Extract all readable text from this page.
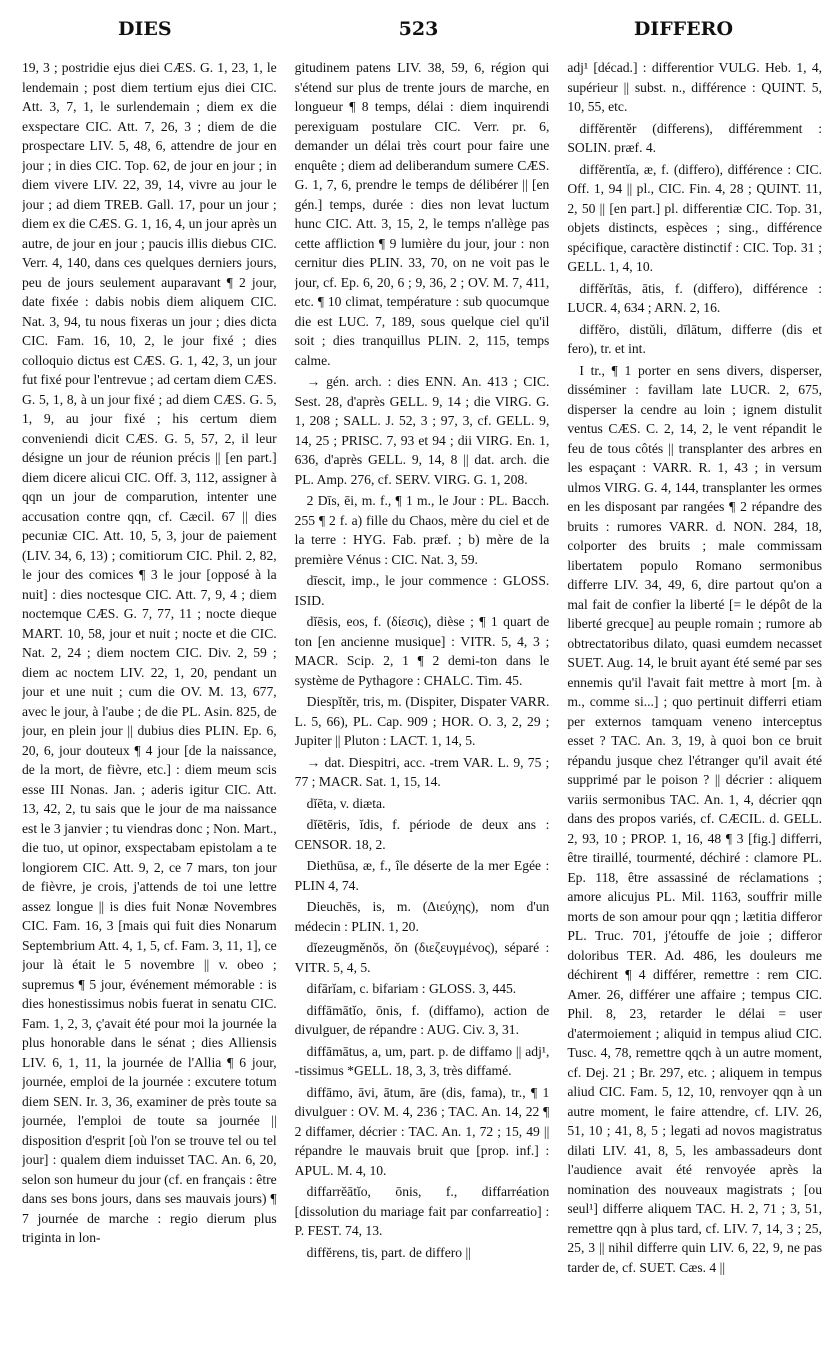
DIES	523	DIFFERO

19, 3 ; postridie ejus diei CÆS. G. 1, 23, 1, le lendemain ; post diem tertium ejus diei CIC. Att. 3, 7, 1, le surlendemain ; diem ex die exspectare CIC. Att. 7, 26, 3 ; diem de die prospectare LIV. 5, 48, 6, attendre de jour en jour ; in dies CIC. Top. 62, de jour en jour ; in diem vivere LIV. 22, 39, 14, vivre au jour le jour ; ad diem TREB. Gall. 17, pour un jour ; diem ex die CÆS. G. 1, 16, 4, un jour après un autre, de jour en jour ; paucis illis diebus CIC. Verr. 4, 140, dans ces quelques derniers jours, peu de jours seulement auparavant ¶ 2 jour, date fixée : dabis nobis diem aliquem CIC. Nat. 3, 94, tu nous fixeras un jour ; dies dicta CIC. Fam. 16, 10, 2, le jour fixé ; dies colloquio dictus est CÆS. G. 1, 42, 3, un jour fut fixé pour l'entrevue ; ad certam diem CÆS. G. 5, 1, 8, à un jour fixé ; ad diem CÆS. G. 5, 1, 9, au jour fixé ; his certum diem conveniendi dicit CÆS. G. 5, 57, 2, il leur désigne un jour de réunion précis || [en part.] diem dicere alicui CIC. Off. 3, 112, assigner à qqn un jour de comparution, intenter une accusation contre qqn, cf. Cæcil. 67 || dies pecuniæ CIC. Att. 10, 5, 3, jour de paiement (LIV. 34, 6, 13) ; comitiorum CIC. Phil. 2, 82, le jour des comices ¶ 3 le jour [opposé à la nuit] : dies noctesque CIC. Att. 7, 9, 4 ; diem noctemque CÆS. G. 7, 77, 11 ; nocte dieque MART. 10, 58, jour et nuit ; nocte et die CIC. Nat. 2, 24 ; diem noctem CIC. Div. 2, 59 ; diem ac noctem LIV. 22, 1, 20, pendant un jour et une nuit ; cum die OV. M. 13, 677, avec le jour, à l'aube ; de die PL. Asin. 825, de jour, en plein jour || dubius dies PLIN. Ep. 6, 20, 6, jour douteux ¶ 4 jour [de la naissance, de la mort, de fièvre, etc.] : diem meum scis esse III Nonas. Jan. ; aderis igitur CIC. Att. 13, 42, 2, tu sais que le jour de ma naissance est le 3 janvier ; tu viendras donc ; Non. Mart., die tuo, ut opinor, exspectabam epistolam a te longiorem CIC. Att. 9, 2, ce 7 mars, ton jour de fièvre, je crois, j'attends de toi une lettre assez longue || is dies fuit Nonæ Novembres CIC. Fam. 16, 3 [mais qui fuit dies Nonarum Septembrium Att. 4, 1, 5, cf. Fam. 3, 11, 1], ce jour là était le 5 novembre || v. obeo ; supremus ¶ 5 jour, événement mémorable : is dies honestissimus nobis fuerat in senatu CIC. Fam. 1, 2, 3, ç'avait été pour moi la journée la plus honorable dans le sénat ; dies Alliensis LIV. 6, 1, 11, la journée de l'Allia ¶ 6 jour, journée, emploi de la journée : excutere totum diem SEN. Ir. 3, 36, examiner de près toute sa journée, l'emploi de toute sa journée || disposition d'esprit [où l'on se trouve tel ou tel jour] : qualem diem induisset TAC. An. 6, 20, selon son humeur du jour (cf. en français : être dans ses bons jours, dans ses mauvais jours) ¶ 7 journée de marche : regio dierum plus triginta in lon-

gitudinem patens LIV. 38, 59, 6, région qui s'étend sur plus de trente jours de marche, en longueur ¶ 8 temps, délai : diem inquirendi perexiguam postulare CIC. Verr. pr. 6, demander un délai très court pour faire une enquête ; diem ad deliberandum sumere CÆS. G. 1, 7, 6, prendre le temps de délibérer || [en gén.] temps, durée : dies non levat luctum hunc CIC. Att. 3, 15, 2, le temps n'allège pas cette affliction ¶ 9 lumière du jour, jour : non cernitur dies PLIN. 33, 70, on ne voit pas le jour, cf. Ep. 6, 20, 6 ; 9, 36, 2 ; OV. M. 7, 411, etc. ¶ 10 climat, température : sub quocumque die est LUC. 7, 189, sous quelque ciel qu'il soit ; dies tranquillus PLIN. 2, 115, temps calme.

→ gén. arch. : dies ENN. An. 413 ; CIC. Sest. 28, d'après GELL. 9, 14 ; die VIRG. G. 1, 208 ; SALL. J. 52, 3 ; 97, 3, cf. GELL. 9, 14, 25 ; PRISC. 7, 93 et 94 ; dii VIRG. En. 1, 636, d'après GELL. 9, 14, 8 || dat. arch. die PL. Amp. 276, cf. SERV. VIRG. G. 1, 208.

2 Dīs, ēi, m. f., ¶ 1 m., le Jour : PL. Bacch. 255 ¶ 2 f. a) fille du Chaos, mère du ciel et de la terre : HYG. Fab. præf. ; b) mère de la première Vénus : CIC. Nat. 3, 59.

dīescit, imp., le jour commence : GLOSS. ISID.

dĭēsis, eos, f. (δίεσις), dièse ; ¶ 1 quart de ton [en ancienne musique] : VITR. 5, 4, 3 ; MACR. Scip. 2, 1 ¶ 2 demi-ton dans le système de Pythagore : CHALC. Tim. 45.

Diespĭtĕr, tris, m. (Dispiter, Dispater VARR. L. 5, 66), PL. Cap. 909 ; HOR. O. 3, 2, 29 ; Jupiter || Pluton : LACT. 1, 14, 5.

→ dat. Diespitri, acc. -trem VAR. L. 9, 75 ; 77 ; MACR. Sat. 1, 15, 14.

dĭēta, v. diæta.

dĭētēris, ĭdis, f. période de deux ans : CENSOR. 18, 2.

Diethūsa, æ, f., île déserte de la mer Egée : PLIN 4, 74.

Dieuchēs, is, m. (Διεύχης), nom d'un médecin : PLIN. 1, 20.

dĭezeugmĕnŏs, ŏn (διεζευγμένος), séparé : VITR. 5, 4, 5.

difārĭam, c. bifariam : GLOSS. 3, 445.

diffāmātĭo, ōnis, f. (diffamo), action de divulguer, de répandre : AUG. Civ. 3, 31.

diffāmātus, a, um, part. p. de diffamo || adj¹, -tissimus *GELL. 18, 3, 3, très diffamé.

diffāmo, āvi, ātum, āre (dis, fama), tr., ¶ 1 divulguer : OV. M. 4, 236 ; TAC. An. 14, 22 ¶ 2 diffamer, décrier : TAC. An. 1, 72 ; 15, 49 || répandre le mauvais bruit que [prop. inf.] : APUL. M. 4, 10.

diffarrĕātĭo, ōnis, f., diffarréation [dissolution du mariage fait par confarreatio] : P. FEST. 74, 13.

diffĕrens, tis, part. de differo ||

adj¹ [décad.] : differentior VULG. Heb. 1, 4, supérieur || subst. n., différence : QUINT. 5, 10, 55, etc.

diffĕrentĕr (differens), différemment : SOLIN. præf. 4.

diffĕrentĭa, æ, f. (differo), différence : CIC. Off. 1, 94 || pl., CIC. Fin. 4, 28 ; QUINT. 11, 2, 50 || [en part.] pl. differentiæ CIC. Top. 31, objets distincts, espèces ; sing., différence spécifique, caractère distinctif : CIC. Top. 31 ; GELL. 1, 4, 10.

diffĕrĭtās, ātis, f. (differo), différence : LUCR. 4, 634 ; ARN. 2, 16.

diffĕro, distŭli, dīlātum, differre (dis et fero), tr. et int.

I tr., ¶ 1 porter en sens divers, disperser, disséminer : favillam late LUCR. 2, 675, disperser la cendre au loin ; ignem distulit ventus CÆS. C. 2, 14, 2, le vent répandit le feu de tous côtés || transplanter des arbres en les espaçant : VARR. R. 1, 43 ; in versum ulmos VIRG. G. 4, 144, transplanter les ormes en les disposant par rangées ¶ 2 répandre des bruits : rumores VARR. d. NON. 284, 18, colporter des bruits ; male commissam libertatem populo Romano sermonibus differre LIV. 34, 49, 6, dire partout qu'on a mal fait de confier la liberté [= le dépôt de la liberté grecque] au peuple romain ; rumore ab obtrectatoribus dilato, quasi eumdem necasset SUET. Aug. 14, le bruit ayant été semé par ses ennemis qu'il l'avait fait mettre à mort [m. à m., comme si...] ; quo pertinuit differri etiam per externos tamquam veneno interceptus esset ? TAC. An. 3, 19, à quoi bon ce bruit répandu jusque chez l'étranger qu'il avait été supprimé par le poison ? || décrier : aliquem variis sermonibus TAC. An. 1, 4, décrier qqn dans des propos variés, cf. CÆCIL. d. GELL. 2, 93, 10 ; PROP. 1, 16, 48 ¶ 3 [fig.] differri, être tiraillé, tourmenté, déchiré : clamore PL. Ep. 118, être assassiné de réclamations ; amore alicujus PL. Mil. 1163, souffrir mille morts de son amour pour qqn ; lætitia differor PL. Truc. 701, j'étouffe de joie ; differor doloribus TER. Ad. 486, les douleurs me déchirent ¶ 4 différer, remettre : rem CIC. Amer. 26, différer une affaire ; tempus CIC. Phil. 8, 23, retarder le délai = user d'atermoiement ; aliquid in tempus aliud CIC. Tusc. 4, 78, remettre qqch à un autre moment, cf. Dej. 21 ; Br. 297, etc. ; aliquem in tempus aliud CIC. Fam. 5, 12, 10, renvoyer qqn à un autre moment, le faire attendre, cf. LIV. 26, 51, 10 ; 41, 8, 5 ; legati ad novos magistratus dilati LIV. 41, 8, 5, les ambassadeurs dont l'audience avait été renvoyée après la nomination des nouveaux magistrats ; [ou seul¹] differre aliquem TAC. H. 2, 71 ; 3, 51, remettre qqn à plus tard, cf. LIV. 7, 14, 3 ; 25, 25, 3 || nihil differre quin LIV. 6, 22, 9, ne pas tarder de, cf. SUET. Cæs. 4 ||
